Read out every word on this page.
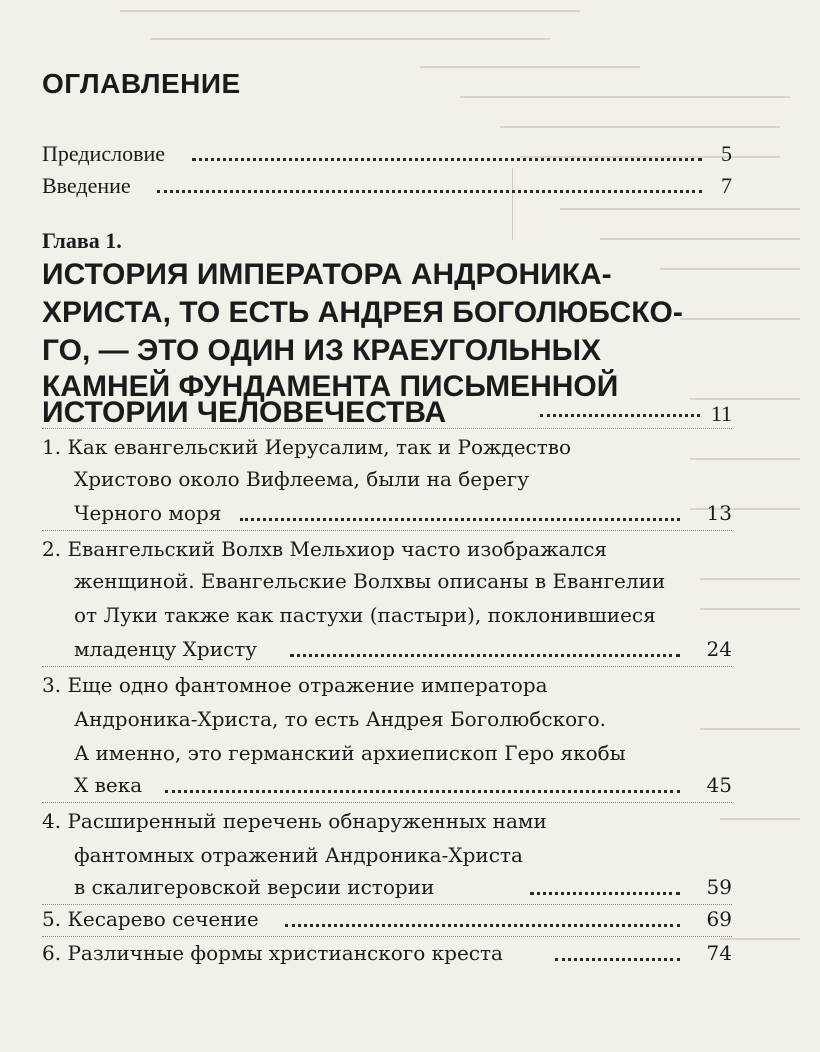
ОГЛАВЛЕНИЕ
Предисловие	5
Введение	7
Глава 1.
ИСТОРИЯ ИМПЕРАТОРА АНДРОНИКА-
ХРИСТА, ТО ЕСТЬ АНДРЕЯ БОГОЛЮБСКО-
ГО, — ЭТО ОДИН ИЗ КРАЕУГОЛЬНЫХ
КАМНЕЙ ФУНДАМЕНТА ПИСЬМЕННОЙ
ИСТОРИИ ЧЕЛОВЕЧЕСТВА	11
1. Как евангельский Иерусалим, так и Рождество
Христово около Вифлеема, были на берегу
Черного моря	13
2. Евангельский Волхв Мельхиор часто изображался
женщиной. Евангельские Волхвы описаны в Евангелии
от Луки также как пастухи (пастыри), поклонившиеся
младенцу Христу	24
3. Еще одно фантомное отражение императора
Андроника-Христа, то есть Андрея Боголюбского.
А именно, это германский архиепископ Геро якобы
X века	45
4. Расширенный перечень обнаруженных нами
фантомных отражений Андроника-Христа
в скалигеровской версии истории	59
5. Кесарево сечение	69
6. Различные формы христианского креста	74
